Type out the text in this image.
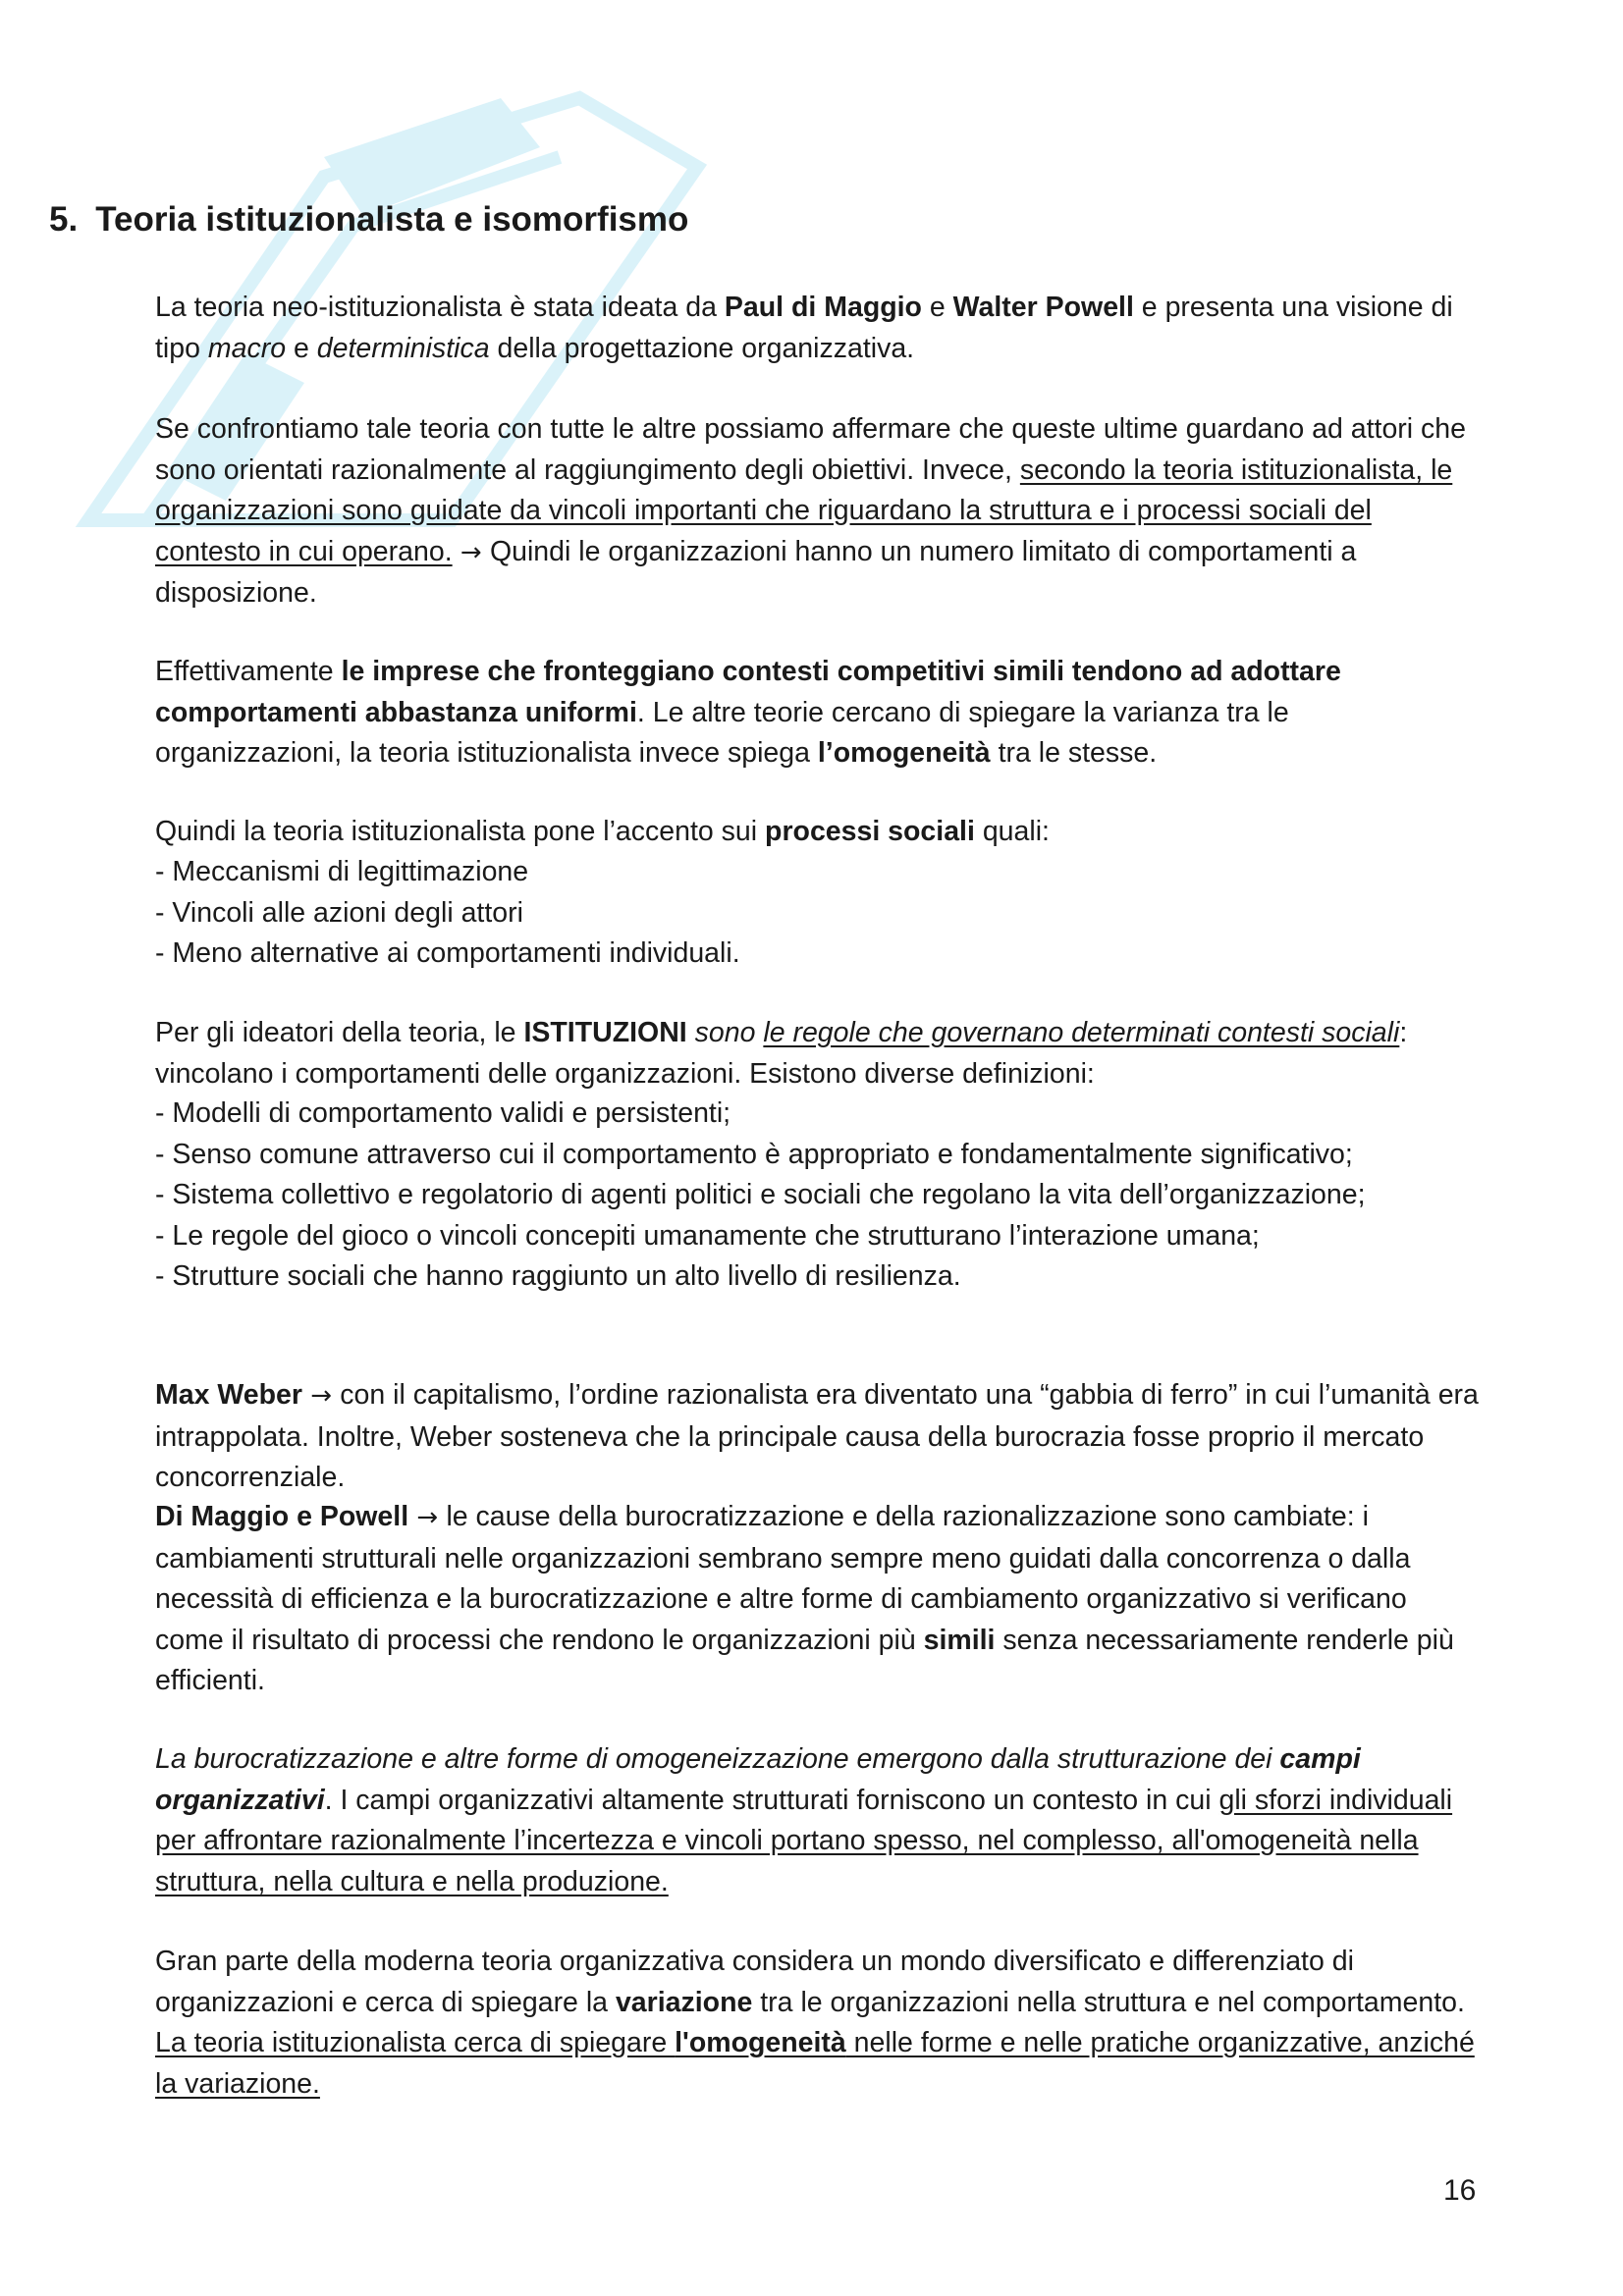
5. Teoria istituzionalista e isomorfismo

La teoria neo-istituzionalista è stata ideata da Paul di Maggio e Walter Powell e presenta una visione di tipo macro e deterministica della progettazione organizzativa.

Se confrontiamo tale teoria con tutte le altre possiamo affermare che queste ultime guardano ad attori che sono orientati razionalmente al raggiungimento degli obiettivi. Invece, secondo la teoria istituzionalista, le organizzazioni sono guidate da vincoli importanti che riguardano la struttura e i processi sociali del contesto in cui operano. → Quindi le organizzazioni hanno un numero limitato di comportamenti a disposizione.

Effettivamente le imprese che fronteggiano contesti competitivi simili tendono ad adottare comportamenti abbastanza uniformi. Le altre teorie cercano di spiegare la varianza tra le organizzazioni, la teoria istituzionalista invece spiega l’omogeneità tra le stesse.

Quindi la teoria istituzionalista pone l’accento sui processi sociali quali:

- Meccanismi di legittimazione
- Vincoli alle azioni degli attori
- Meno alternative ai comportamenti individuali.

Per gli ideatori della teoria, le ISTITUZIONI sono le regole che governano determinati contesti sociali: vincolano i comportamenti delle organizzazioni. Esistono diverse definizioni:

- Modelli di comportamento validi e persistenti;
- Senso comune attraverso cui il comportamento è appropriato e fondamentalmente significativo;
- Sistema collettivo e regolatorio di agenti politici e sociali che regolano la vita dell’organizzazione;
- Le regole del gioco o vincoli concepiti umanamente che strutturano l’interazione umana;
- Strutture sociali che hanno raggiunto un alto livello di resilienza.

Max Weber → con il capitalismo, l’ordine razionalista era diventato una “gabbia di ferro” in cui l’umanità era intrappolata. Inoltre, Weber sosteneva che la principale causa della burocrazia fosse proprio il mercato concorrenziale.

Di Maggio e Powell → le cause della burocratizzazione e della razionalizzazione sono cambiate: i cambiamenti strutturali nelle organizzazioni sembrano sempre meno guidati dalla concorrenza o dalla necessità di efficienza e la burocratizzazione e altre forme di cambiamento organizzativo si verificano come il risultato di processi che rendono le organizzazioni più simili senza necessariamente renderle più efficienti.

La burocratizzazione e altre forme di omogeneizzazione emergono dalla strutturazione dei campi organizzativi. I campi organizzativi altamente strutturati forniscono un contesto in cui gli sforzi individuali per affrontare razionalmente l’incertezza e vincoli portano spesso, nel complesso, all'omogeneità nella struttura, nella cultura e nella produzione.

Gran parte della moderna teoria organizzativa considera un mondo diversificato e differenziato di organizzazioni e cerca di spiegare la variazione tra le organizzazioni nella struttura e nel comportamento. La teoria istituzionalista cerca di spiegare l'omogeneità nelle forme e nelle pratiche organizzative, anziché la variazione.

16
